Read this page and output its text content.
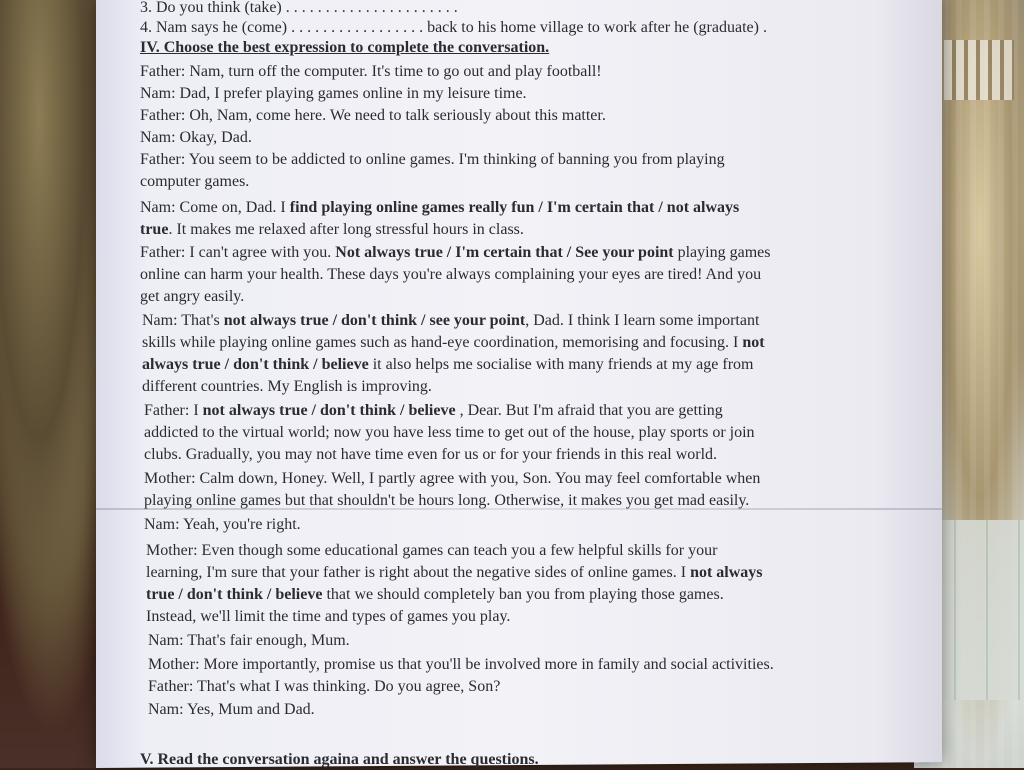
3. Do you think (take) . . . . . . . . . . . . . . . . . . . . . .
4. Nam says he (come) . . . . . . . . . . . . . . . . . back to his home village to work after he (graduate) .
IV. Choose the best expression to complete the conversation.
Father: Nam, turn off the computer. It's time to go out and play football!
Nam: Dad, I prefer playing games online in my leisure time.
Father: Oh, Nam, come here. We need to talk seriously about this matter.
Nam: Okay, Dad.
Father: You seem to be addicted to online games. I'm thinking of banning you from playing
computer games.
Nam: Come on, Dad. I find playing online games really fun / I'm certain that / not always
true. It makes me relaxed after long stressful hours in class.
Father: I can't agree with you. Not always true / I'm certain that / See your point playing games
online can harm your health. These days you're always complaining your eyes are tired! And you
get angry easily.
Nam: That's not always true / don't think / see your point, Dad. I think I learn some important
skills while playing online games such as hand-eye coordination, memorising and focusing. I not
always true / don't think / believe it also helps me socialise with many friends at my age from
different countries. My English is improving.
Father: I not always true / don't think / believe , Dear. But I'm afraid that you are getting
addicted to the virtual world; now you have less time to get out of the house, play sports or join
clubs. Gradually, you may not have time even for us or for your friends in this real world.
Mother: Calm down, Honey. Well, I partly agree with you, Son. You may feel comfortable when
playing online games but that shouldn't be hours long. Otherwise, it makes you get mad easily.
Nam: Yeah, you're right.
Mother: Even though some educational games can teach you a few helpful skills for your
learning, I'm sure that your father is right about the negative sides of online games. I not always
true / don't think / believe that we should completely ban you from playing those games.
Instead, we'll limit the time and types of games you play.
Nam: That's fair enough, Mum.
Mother: More importantly, promise us that you'll be involved more in family and social activities.
Father: That's what I was thinking. Do you agree, Son?
Nam: Yes, Mum and Dad.
V. Read the conversation againa and answer the questions.
